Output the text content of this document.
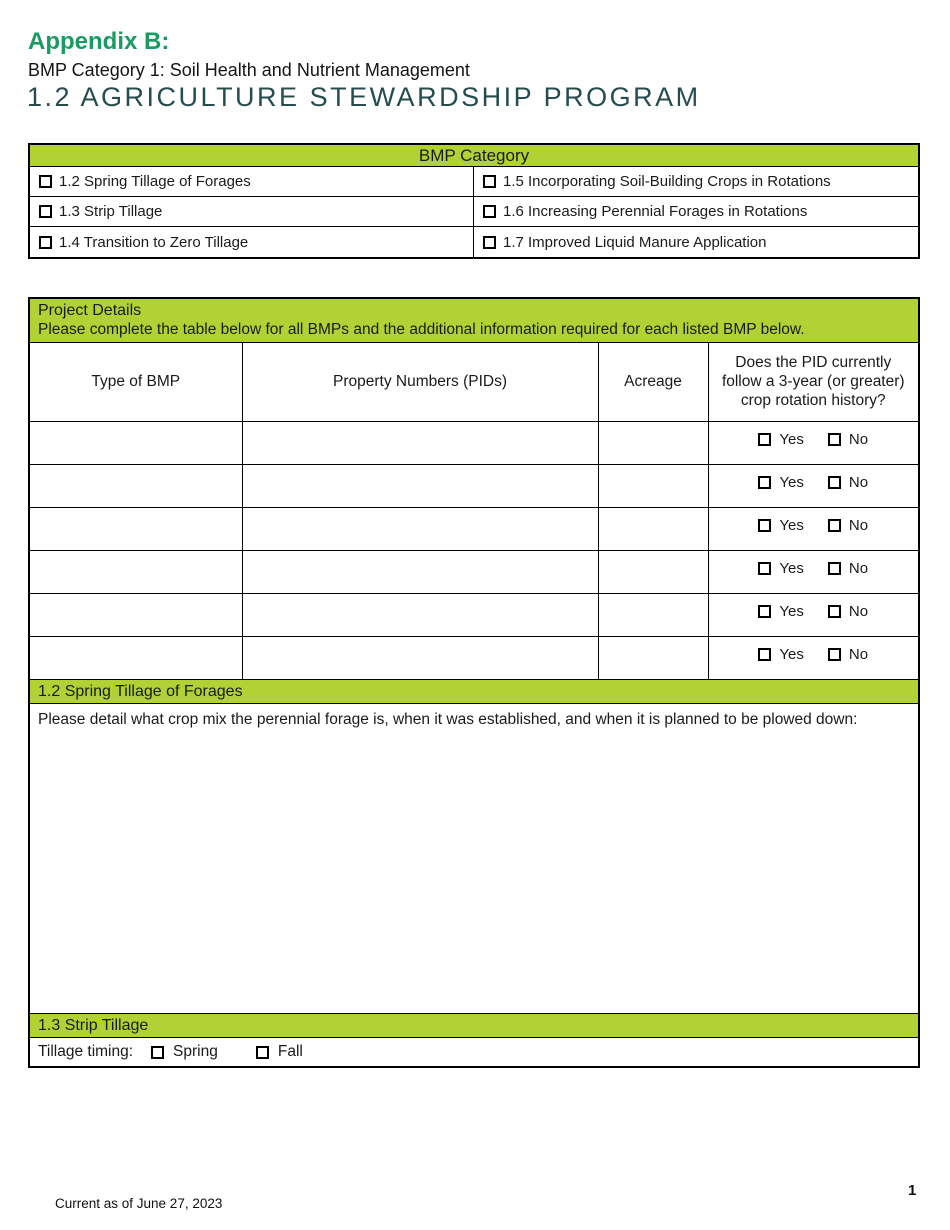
Appendix B:
BMP Category 1: Soil Health and Nutrient Management
1.2 AGRICULTURE STEWARDSHIP PROGRAM
BMP Category
1.2 Spring Tillage of Forages	1.5 Incorporating Soil-Building Crops in Rotations
1.3 Strip Tillage	1.6 Increasing Perennial Forages in Rotations
1.4 Transition to Zero Tillage	1.7 Improved Liquid Manure Application
Project Details
Please complete the table below for all BMPs and the additional information required for each listed BMP below.
Type of BMP	Property Numbers (PIDs)	Acreage	Does the PID currently follow a 3-year (or greater) crop rotation history?

			Yes No

			Yes No

			Yes No

			Yes No

			Yes No

			Yes No
1.2 Spring Tillage of Forages
Please detail what crop mix the perennial forage is, when it was established, and when it is planned to be plowed down:
1.3 Strip Tillage
Tillage timing:	Spring	Fall
Current as of June 27, 2023
1
